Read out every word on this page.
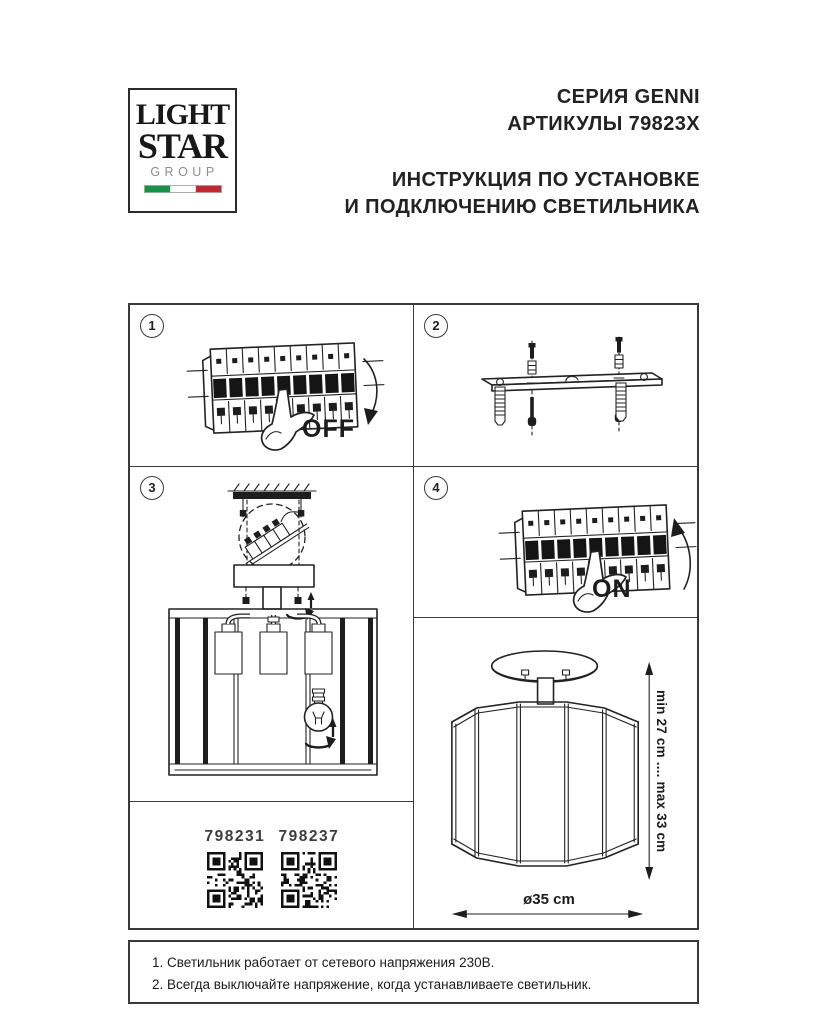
LIGHT
STAR
GROUP
СЕРИЯ GENNI
АРТИКУЛЫ 79823X
ИНСТРУКЦИЯ ПО УСТАНОВКЕ
И ПОДКЛЮЧЕНИЮ СВЕТИЛЬНИКА
1
OFF
2
3	4
ON
798231 798237	min 27 cm .... max 33 cm
ø35 cm
1. Светильник работает от сетевого напряжения 230В.
2. Всегда выключайте напряжение, когда устанавливаете светильник.
